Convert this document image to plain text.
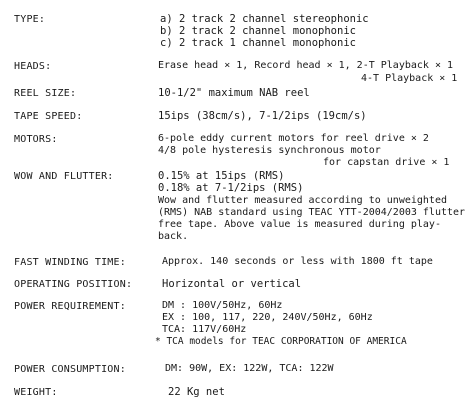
TYPE:	a) 2 track 2 channel stereophonic
b) 2 track 2 channel monophonic
c) 2 track 1 channel monophonic
HEADS:	Erase head × 1, Record head × 1, 2-T Playback × 1
4-T Playback × 1
REEL SIZE:	10-1/2" maximum NAB reel
TAPE SPEED:	15ips (38cm/s), 7-1/2ips (19cm/s)
MOTORS:	6-pole eddy current motors for reel drive × 2
4/8 pole hysteresis synchronous motor
for capstan drive × 1
WOW AND FLUTTER:	0.15% at 15ips (RMS)
0.18% at 7-1/2ips (RMS)
Wow and flutter measured according to unweighted
(RMS) NAB standard using TEAC YTT-2004/2003 flutter
free tape. Above value is measured during play-
back.
FAST WINDING TIME:	Approx. 140 seconds or less with 1800 ft tape
OPERATING POSITION:	Horizontal or vertical
POWER REQUIREMENT:	DM : 100V/50Hz, 60Hz
EX : 100, 117, 220, 240V/50Hz, 60Hz
TCA: 117V/60Hz
* TCA models for TEAC CORPORATION OF AMERICA
POWER CONSUMPTION:	DM: 90W, EX: 122W, TCA: 122W
WEIGHT:	22 Kg net
